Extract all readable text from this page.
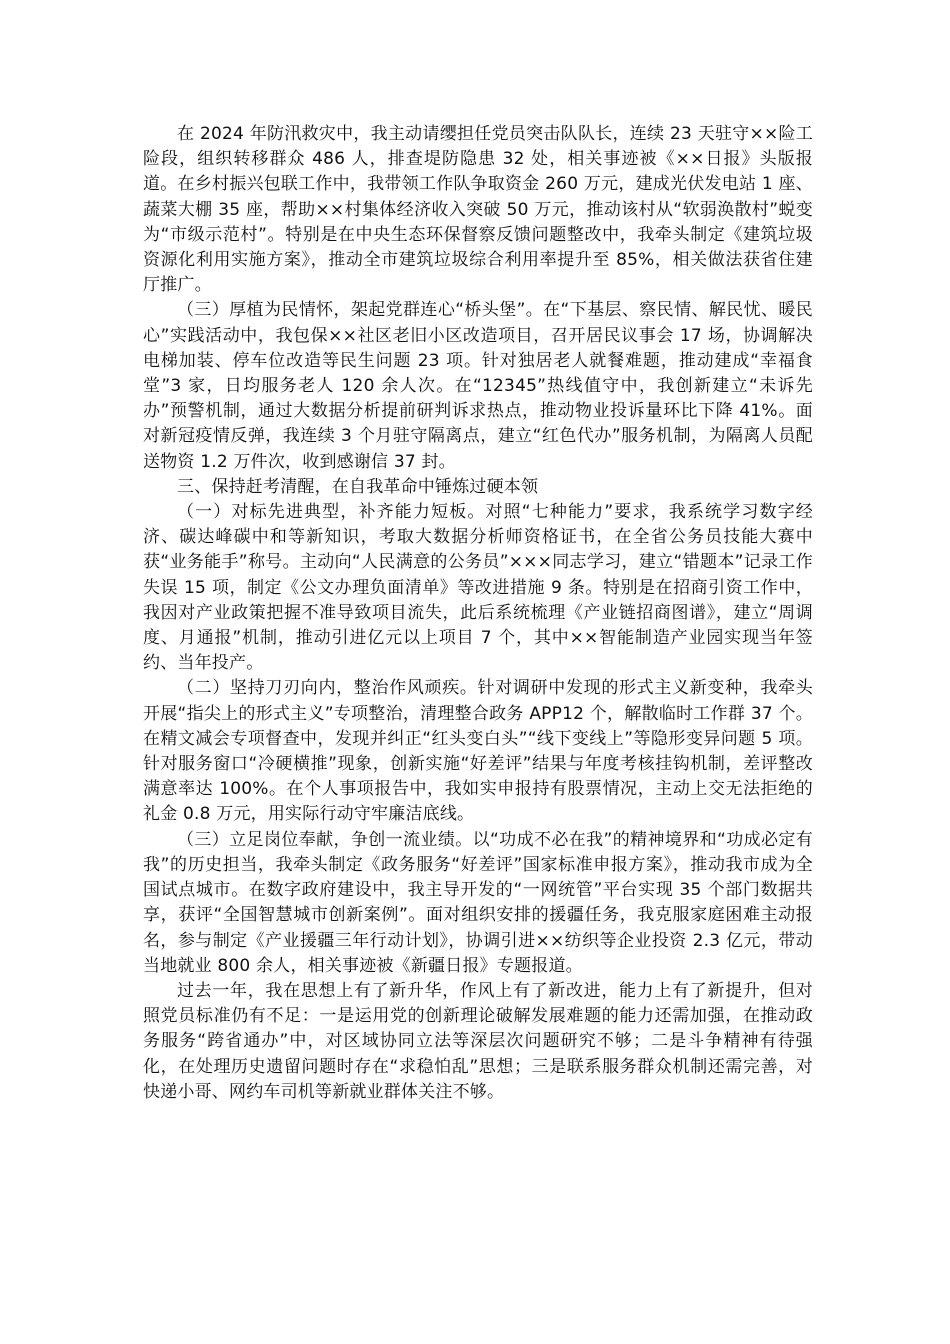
在 2024 年防汛救灾中，我主动请缨担任党员突击队队长，连续 23 天驻守××险工险段，组织转移群众 486 人，排查堤防隐患 32 处，相关事迹被《××日报》头版报道。在乡村振兴包联工作中，我带领工作队争取资金 260 万元，建成光伏发电站 1 座、蔬菜大棚 35 座，帮助××村集体经济收入突破 50 万元，推动该村从“软弱涣散村”蜕变为“市级示范村”。特别是在中央生态环保督察反馈问题整改中，我牵头制定《建筑垃圾资源化利用实施方案》，推动全市建筑垃圾综合利用率提升至 85%，相关做法获省住建厅推广。

（三）厚植为民情怀，架起党群连心“桥头堡”。在“下基层、察民情、解民忧、暖民心”实践活动中，我包保××社区老旧小区改造项目，召开居民议事会 17 场，协调解决电梯加装、停车位改造等民生问题 23 项。针对独居老人就餐难题，推动建成“幸福食堂”3 家，日均服务老人 120 余人次。在“12345”热线值守中，我创新建立“未诉先办”预警机制，通过大数据分析提前研判诉求热点，推动物业投诉量环比下降 41%。面对新冠疫情反弹，我连续 3 个月驻守隔离点，建立“红色代办”服务机制，为隔离人员配送物资 1.2 万件次，收到感谢信 37 封。

三、保持赶考清醒，在自我革命中锤炼过硬本领

（一）对标先进典型，补齐能力短板。对照“七种能力”要求，我系统学习数字经济、碳达峰碳中和等新知识，考取大数据分析师资格证书，在全省公务员技能大赛中获“业务能手”称号。主动向“人民满意的公务员”×××同志学习，建立“错题本”记录工作失误 15 项，制定《公文办理负面清单》等改进措施 9 条。特别是在招商引资工作中，我因对产业政策把握不准导致项目流失，此后系统梳理《产业链招商图谱》，建立“周调度、月通报”机制，推动引进亿元以上项目 7 个，其中××智能制造产业园实现当年签约、当年投产。

（二）坚持刀刃向内，整治作风顽疾。针对调研中发现的形式主义新变种，我牵头开展“指尖上的形式主义”专项整治，清理整合政务 APP12 个，解散临时工作群 37 个。在精文减会专项督查中，发现并纠正“红头变白头”“线下变线上”等隐形变异问题 5 项。针对服务窗口“冷硬横推”现象，创新实施“好差评”结果与年度考核挂钩机制，差评整改满意率达 100%。在个人事项报告中，我如实申报持有股票情况，主动上交无法拒绝的礼金 0.8 万元，用实际行动守牢廉洁底线。

（三）立足岗位奉献，争创一流业绩。以“功成不必在我”的精神境界和“功成必定有我”的历史担当，我牵头制定《政务服务“好差评”国家标准申报方案》，推动我市成为全国试点城市。在数字政府建设中，我主导开发的“一网统管”平台实现 35 个部门数据共享，获评“全国智慧城市创新案例”。面对组织安排的援疆任务，我克服家庭困难主动报名，参与制定《产业援疆三年行动计划》，协调引进××纺织等企业投资 2.3 亿元，带动当地就业 800 余人，相关事迹被《新疆日报》专题报道。

过去一年，我在思想上有了新升华，作风上有了新改进，能力上有了新提升，但对照党员标准仍有不足：一是运用党的创新理论破解发展难题的能力还需加强，在推动政务服务“跨省通办”中，对区域协同立法等深层次问题研究不够；二是斗争精神有待强化，在处理历史遗留问题时存在“求稳怕乱”思想；三是联系服务群众机制还需完善，对快递小哥、网约车司机等新就业群体关注不够。
